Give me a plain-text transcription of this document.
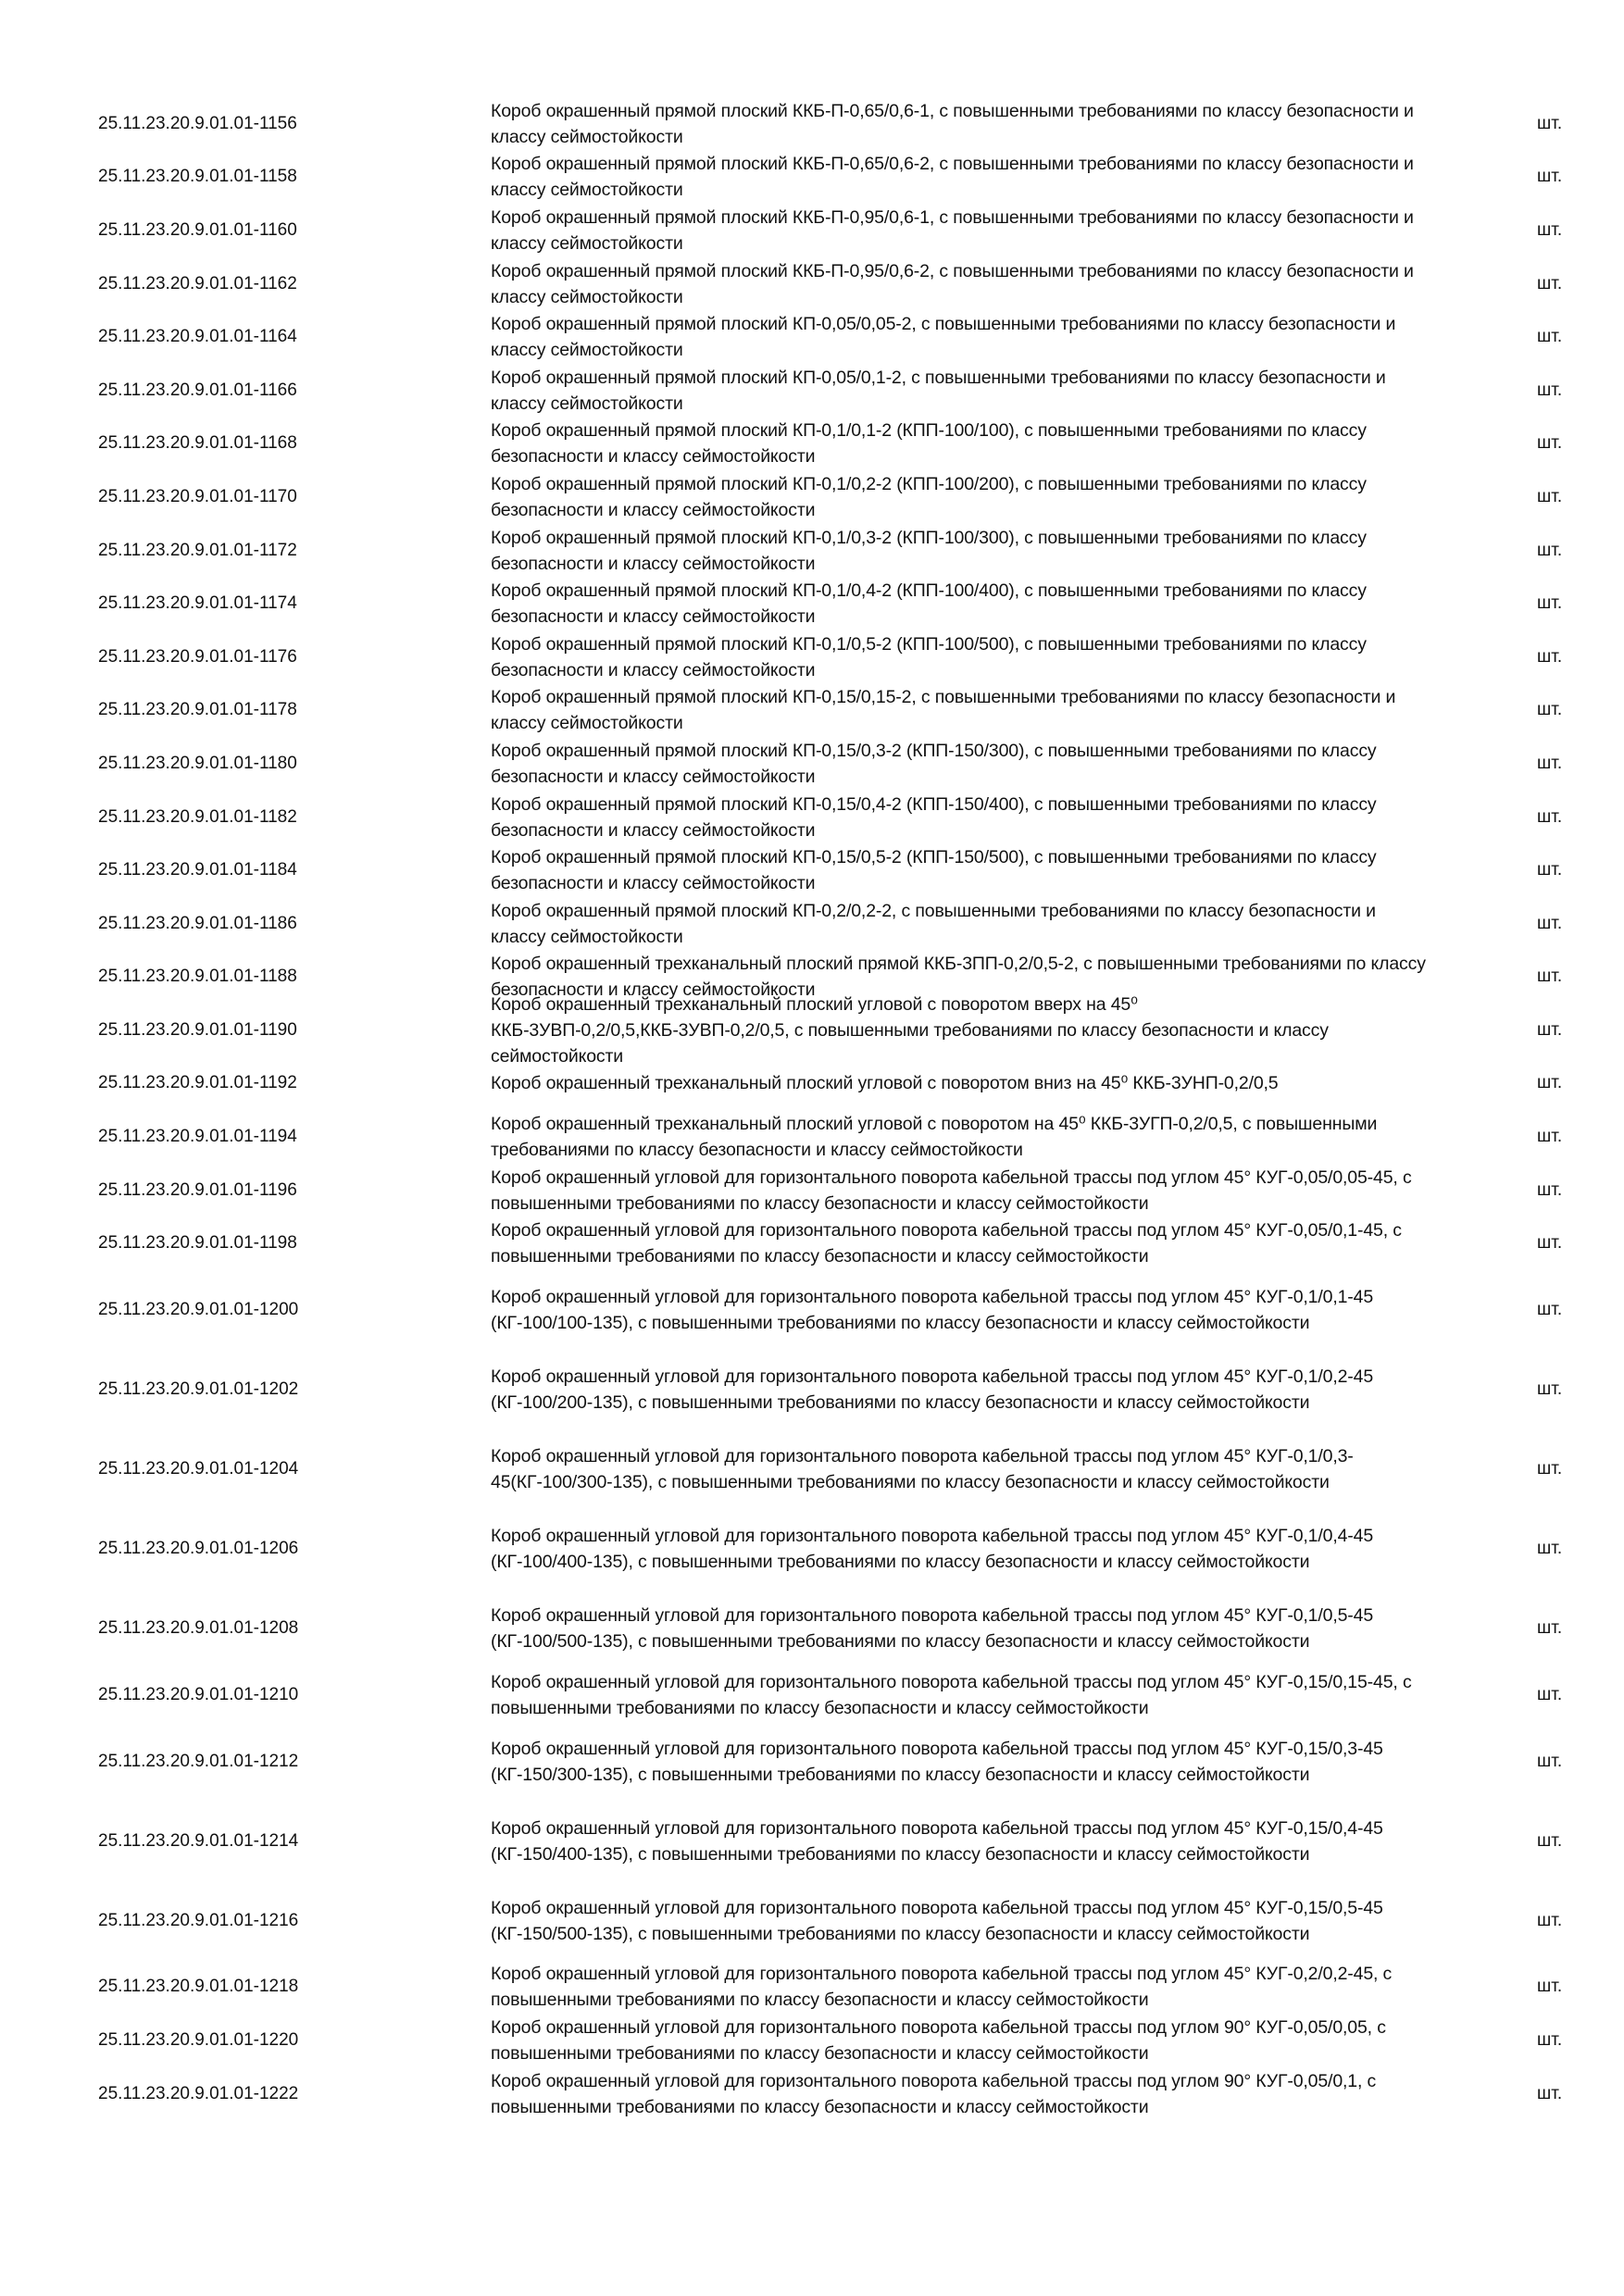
25.11.23.20.9.01.01-1156
Короб окрашенный прямой плоский ККБ-П-0,65/0,6-1, с повышенными требованиями по классу безопасности и классу сеймостойкости
шт.
25.11.23.20.9.01.01-1158
Короб окрашенный прямой плоский ККБ-П-0,65/0,6-2, с повышенными требованиями по классу безопасности и классу сеймостойкости
шт.
25.11.23.20.9.01.01-1160
Короб окрашенный прямой плоский ККБ-П-0,95/0,6-1, с повышенными требованиями по классу безопасности и классу сеймостойкости
шт.
25.11.23.20.9.01.01-1162
Короб окрашенный прямой плоский ККБ-П-0,95/0,6-2, с повышенными требованиями по классу безопасности и классу сеймостойкости
шт.
25.11.23.20.9.01.01-1164
Короб окрашенный прямой плоский КП-0,05/0,05-2, с повышенными требованиями по классу безопасности и классу сеймостойкости
шт.
25.11.23.20.9.01.01-1166
Короб окрашенный прямой плоский КП-0,05/0,1-2, с повышенными требованиями по классу безопасности и классу сеймостойкости
шт.
25.11.23.20.9.01.01-1168
Короб окрашенный прямой плоский КП-0,1/0,1-2 (КПП-100/100), с повышенными требованиями по классу безопасности и классу сеймостойкости
шт.
25.11.23.20.9.01.01-1170
Короб окрашенный прямой плоский КП-0,1/0,2-2 (КПП-100/200), с повышенными требованиями по классу безопасности и классу сеймостойкости
шт.
25.11.23.20.9.01.01-1172
Короб окрашенный прямой плоский КП-0,1/0,3-2 (КПП-100/300), с повышенными требованиями по классу безопасности и классу сеймостойкости
шт.
25.11.23.20.9.01.01-1174
Короб окрашенный прямой плоский КП-0,1/0,4-2 (КПП-100/400), с повышенными требованиями по классу безопасности и классу сеймостойкости
шт.
25.11.23.20.9.01.01-1176
Короб окрашенный прямой плоский КП-0,1/0,5-2 (КПП-100/500), с повышенными требованиями по классу безопасности и классу сеймостойкости
шт.
25.11.23.20.9.01.01-1178
Короб окрашенный прямой плоский КП-0,15/0,15-2, с повышенными требованиями по классу безопасности и классу сеймостойкости
шт.
25.11.23.20.9.01.01-1180
Короб окрашенный прямой плоский КП-0,15/0,3-2 (КПП-150/300), с повышенными требованиями по классу безопасности и классу сеймостойкости
шт.
25.11.23.20.9.01.01-1182
Короб окрашенный прямой плоский КП-0,15/0,4-2 (КПП-150/400), с повышенными требованиями по классу безопасности и классу сеймостойкости
шт.
25.11.23.20.9.01.01-1184
Короб окрашенный прямой плоский КП-0,15/0,5-2 (КПП-150/500), с повышенными требованиями по классу безопасности и классу сеймостойкости
шт.
25.11.23.20.9.01.01-1186
Короб окрашенный прямой плоский КП-0,2/0,2-2, с повышенными требованиями по классу безопасности и классу сеймостойкости
шт.
25.11.23.20.9.01.01-1188
Короб окрашенный трехканальный плоский прямой ККБ-3ПП-0,2/0,5-2, с повышенными требованиями по классу безопасности и классу сеймостойкости
шт.
25.11.23.20.9.01.01-1190
Короб окрашенный трехканальный плоский угловой с поворотом вверх на 45⁰ ККБ-3УВП-0,2/0,5,ККБ-3УВП-0,2/0,5, с повышенными требованиями по классу безопасности и классу сеймостойкости
шт.
25.11.23.20.9.01.01-1192	Короб окрашенный трехканальный плоский угловой с поворотом вниз на 45⁰ ККБ-3УНП-0,2/0,5	шт.
25.11.23.20.9.01.01-1194
Короб окрашенный трехканальный плоский угловой с поворотом на 45⁰ ККБ-3УГП-0,2/0,5, с повышенными требованиями по классу безопасности и классу сеймостойкости
шт.
25.11.23.20.9.01.01-1196
Короб окрашенный угловой для горизонтального поворота кабельной трассы под углом 45° КУГ-0,05/0,05-45, с повышенными требованиями по классу безопасности и классу сеймостойкости
шт.
25.11.23.20.9.01.01-1198
Короб окрашенный угловой для горизонтального поворота кабельной трассы под углом 45° КУГ-0,05/0,1-45, с повышенными требованиями по классу безопасности и классу сеймостойкости
шт.
25.11.23.20.9.01.01-1200
Короб окрашенный угловой для горизонтального поворота кабельной трассы под углом 45° КУГ-0,1/0,1-45 (КГ-100/100-135), с повышенными требованиями по классу безопасности и классу сеймостойкости
шт.
25.11.23.20.9.01.01-1202
Короб окрашенный угловой для горизонтального поворота кабельной трассы под углом 45° КУГ-0,1/0,2-45 (КГ-100/200-135), с повышенными требованиями по классу безопасности и классу сеймостойкости
шт.
25.11.23.20.9.01.01-1204
Короб окрашенный угловой для горизонтального поворота кабельной трассы под углом 45° КУГ-0,1/0,3-45(КГ-100/300-135), с повышенными требованиями по классу безопасности и классу сеймостойкости
шт.
25.11.23.20.9.01.01-1206
Короб окрашенный угловой для горизонтального поворота кабельной трассы под углом 45° КУГ-0,1/0,4-45 (КГ-100/400-135), с повышенными требованиями по классу безопасности и классу сеймостойкости
шт.
25.11.23.20.9.01.01-1208
Короб окрашенный угловой для горизонтального поворота кабельной трассы под углом 45° КУГ-0,1/0,5-45 (КГ-100/500-135), с повышенными требованиями по классу безопасности и классу сеймостойкости
шт.
25.11.23.20.9.01.01-1210
Короб окрашенный угловой для горизонтального поворота кабельной трассы под углом 45° КУГ-0,15/0,15-45, с повышенными требованиями по классу безопасности и классу сеймостойкости
шт.
25.11.23.20.9.01.01-1212
Короб окрашенный угловой для горизонтального поворота кабельной трассы под углом 45° КУГ-0,15/0,3-45 (КГ-150/300-135), с повышенными требованиями по классу безопасности и классу сеймостойкости
шт.
25.11.23.20.9.01.01-1214
Короб окрашенный угловой для горизонтального поворота кабельной трассы под углом 45° КУГ-0,15/0,4-45 (КГ-150/400-135), с повышенными требованиями по классу безопасности и классу сеймостойкости
шт.
25.11.23.20.9.01.01-1216
Короб окрашенный угловой для горизонтального поворота кабельной трассы под углом 45° КУГ-0,15/0,5-45 (КГ-150/500-135), с повышенными требованиями по классу безопасности и классу сеймостойкости
шт.
25.11.23.20.9.01.01-1218
Короб окрашенный угловой для горизонтального поворота кабельной трассы под углом 45° КУГ-0,2/0,2-45, с повышенными требованиями по классу безопасности и классу сеймостойкости
шт.
25.11.23.20.9.01.01-1220
Короб окрашенный угловой для горизонтального поворота кабельной трассы под углом 90° КУГ-0,05/0,05, с повышенными требованиями по классу безопасности и классу сеймостойкости
шт.
25.11.23.20.9.01.01-1222
Короб окрашенный угловой для горизонтального поворота кабельной трассы под углом 90° КУГ-0,05/0,1, с повышенными требованиями по классу безопасности и классу сеймостойкости
шт.
